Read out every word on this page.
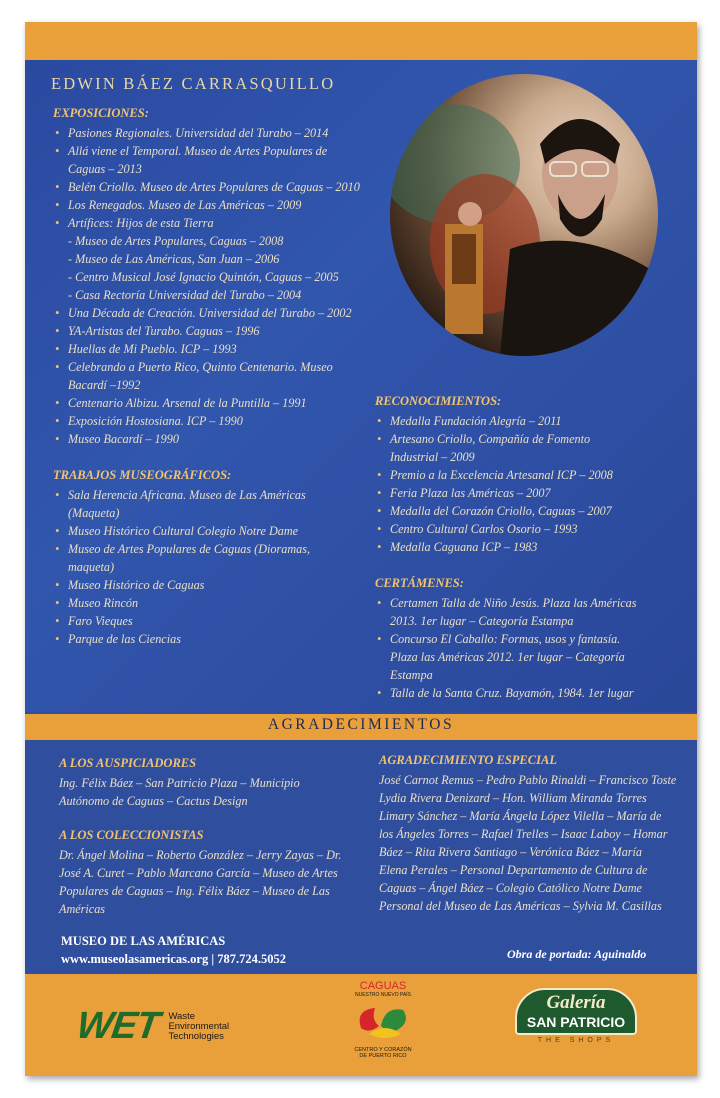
EDWIN BÁEZ CARRASQUILLO
EXPOSICIONES:
• Pasiones Regionales. Universidad del Turabo – 2014
• Allá viene el Temporal. Museo de Artes Populares de
Caguas – 2013
• Belén Criollo. Museo de Artes Populares de Caguas – 2010
• Los Renegados. Museo de Las Américas – 2009
• Artífices: Hijos de esta Tierra
- Museo de Artes Populares, Caguas – 2008
- Museo de Las Américas, San Juan – 2006
- Centro Musical José Ignacio Quintón, Caguas – 2005
- Casa Rectoría Universidad del Turabo – 2004
• Una Década de Creación. Universidad del Turabo – 2002
• YA-Artistas del Turabo. Caguas – 1996
• Huellas de Mi Pueblo. ICP – 1993
• Celebrando a Puerto Rico, Quinto Centenario. Museo
Bacardí –1992
• Centenario Albizu. Arsenal de la Puntilla – 1991
• Exposición Hostosiana. ICP – 1990
• Museo Bacardí – 1990
TRABAJOS MUSEOGRÁFICOS:
• Sala Herencia Africana. Museo de Las Américas
(Maqueta)
• Museo Histórico Cultural Colegio Notre Dame
• Museo de Artes Populares de Caguas (Dioramas,
maqueta)
• Museo Histórico de Caguas
• Museo Rincón
• Faro Vieques
• Parque de las Ciencias
RECONOCIMIENTOS:
• Medalla Fundación Alegría – 2011
• Artesano Criollo, Compañía de Fomento
Industrial – 2009
• Premio a la Excelencia Artesanal ICP – 2008
• Feria Plaza las Américas – 2007
• Medalla del Corazón Criollo, Caguas – 2007
• Centro Cultural Carlos Osorio – 1993
• Medalla Caguana ICP – 1983
CERTÁMENES:
• Certamen Talla de Niño Jesús. Plaza las Américas
2013. 1er lugar – Categoría Estampa
• Concurso El Caballo: Formas, usos y fantasía.
Plaza las Américas 2012. 1er lugar – Categoría
Estampa
• Talla de la Santa Cruz. Bayamón, 1984. 1er lugar
AGRADECIMIENTOS
A LOS AUSPICIADORES
Ing. Félix Báez – San Patricio Plaza – Municipio
Autónomo de Caguas – Cactus Design
A LOS COLECCIONISTAS
Dr. Ángel Molina – Roberto González – Jerry Zayas – Dr.
José A. Curet – Pablo Marcano García – Museo de Artes
Populares de Caguas – Ing. Félix Báez – Museo de Las
Américas
AGRADECIMIENTO ESPECIAL
José Carnot Remus – Pedro Pablo Rinaldi – Francisco Toste
Lydia Rivera Denizard – Hon. William Miranda Torres
Limary Sánchez – María Ángela López Vilella – María de
los Ángeles Torres – Rafael Trelles – Isaac Laboy – Homar
Báez – Rita Rivera Santiago – Verónica Báez – María
Elena Perales – Personal Departamento de Cultura de
Caguas – Ángel Báez – Colegio Católico Notre Dame
Personal del Museo de Las Américas – Sylvia M. Casillas
MUSEO DE LAS AMÉRICAS
www.museolasamericas.org | 787.724.5052	Obra de portada: Aguinaldo
WET Waste
Environmental
Technologies
CAGUAS
NUESTRO NUEVO PAÍS
CENTRO Y CORAZÓN
DE PUERTO RICO
Galería
SAN PATRICIO
THE SHOPS
